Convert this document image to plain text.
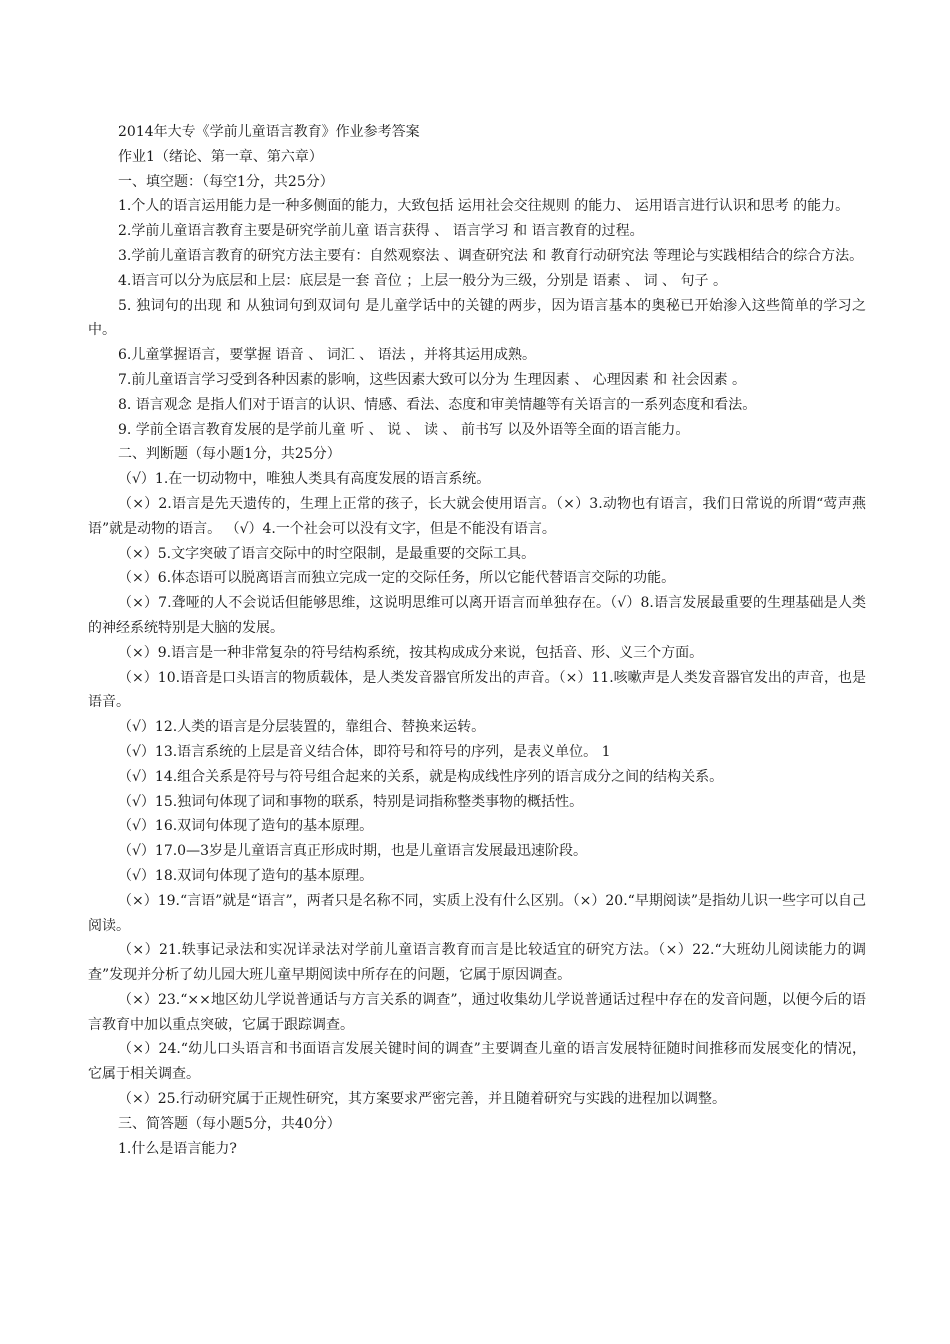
2014年大专《学前儿童语言教育》作业参考答案
作业1（绪论、第一章、第六章）
一、填空题：（每空1分，共25分）
1.个人的语言运用能力是一种多侧面的能力，大致包括 运用社会交往规则 的能力、 运用语言进行认识和思考 的能力。
2.学前儿童语言教育主要是研究学前儿童 语言获得 、 语言学习 和 语言教育的过程。
3.学前儿童语言教育的研究方法主要有：自然观察法 、调查研究法 和 教育行动研究法 等理论与实践相结合的综合方法。
4.语言可以分为底层和上层：底层是一套 音位 ；上层一般分为三级，分别是 语素 、 词 、 句子 。
5. 独词句的出现 和 从独词句到双词句 是儿童学话中的关键的两步，因为语言基本的奥秘已开始渗入这些简单的学习之中。
6.儿童掌握语言，要掌握 语音 、 词汇 、 语法 ，并将其运用成熟。
7.前儿童语言学习受到各种因素的影响，这些因素大致可以分为 生理因素 、 心理因素 和 社会因素 。
8. 语言观念 是指人们对于语言的认识、情感、看法、态度和审美情趣等有关语言的一系列态度和看法。
9. 学前全语言教育发展的是学前儿童 听 、 说 、 读 、 前书写 以及外语等全面的语言能力。
二、判断题（每小题1分，共25分）
（√）1.在一切动物中，唯独人类具有高度发展的语言系统。
（×）2.语言是先天遗传的，生理上正常的孩子，长大就会使用语言。（×）3.动物也有语言，我们日常说的所谓“莺声燕语”就是动物的语言。 （√）4.一个社会可以没有文字，但是不能没有语言。
（×）5.文字突破了语言交际中的时空限制，是最重要的交际工具。
（×）6.体态语可以脱离语言而独立完成一定的交际任务，所以它能代替语言交际的功能。
（×）7.聋哑的人不会说话但能够思维，这说明思维可以离开语言而单独存在。（√）8.语言发展最重要的生理基础是人类的神经系统特别是大脑的发展。
（×）9.语言是一种非常复杂的符号结构系统，按其构成成分来说，包括音、形、义三个方面。
（×）10.语音是口头语言的物质载体，是人类发音器官所发出的声音。（×）11.咳嗽声是人类发音器官发出的声音，也是语音。
（√）12.人类的语言是分层装置的，靠组合、替换来运转。
（√）13.语言系统的上层是音义结合体，即符号和符号的序列，是表义单位。 1
（√）14.组合关系是符号与符号组合起来的关系，就是构成线性序列的语言成分之间的结构关系。
（√）15.独词句体现了词和事物的联系，特别是词指称整类事物的概括性。
（√）16.双词句体现了造句的基本原理。
（√）17.0—3岁是儿童语言真正形成时期，也是儿童语言发展最迅速阶段。
（√）18.双词句体现了造句的基本原理。
（×）19.“言语”就是“语言”，两者只是名称不同，实质上没有什么区别。（×）20.“早期阅读”是指幼儿识一些字可以自己阅读。
（×）21.轶事记录法和实况详录法对学前儿童语言教育而言是比较适宜的研究方法。（×）22.“大班幼儿阅读能力的调查”发现并分析了幼儿园大班儿童早期阅读中所存在的问题，它属于原因调查。
（×）23.“××地区幼儿学说普通话与方言关系的调查”，通过收集幼儿学说普通话过程中存在的发音问题，以便今后的语言教育中加以重点突破，它属于跟踪调查。
（×）24.“幼儿口头语言和书面语言发展关键时间的调查”主要调查儿童的语言发展特征随时间推移而发展变化的情况，它属于相关调查。
（×）25.行动研究属于正规性研究，其方案要求严密完善，并且随着研究与实践的进程加以调整。
三、简答题（每小题5分，共40分）
1.什么是语言能力?
